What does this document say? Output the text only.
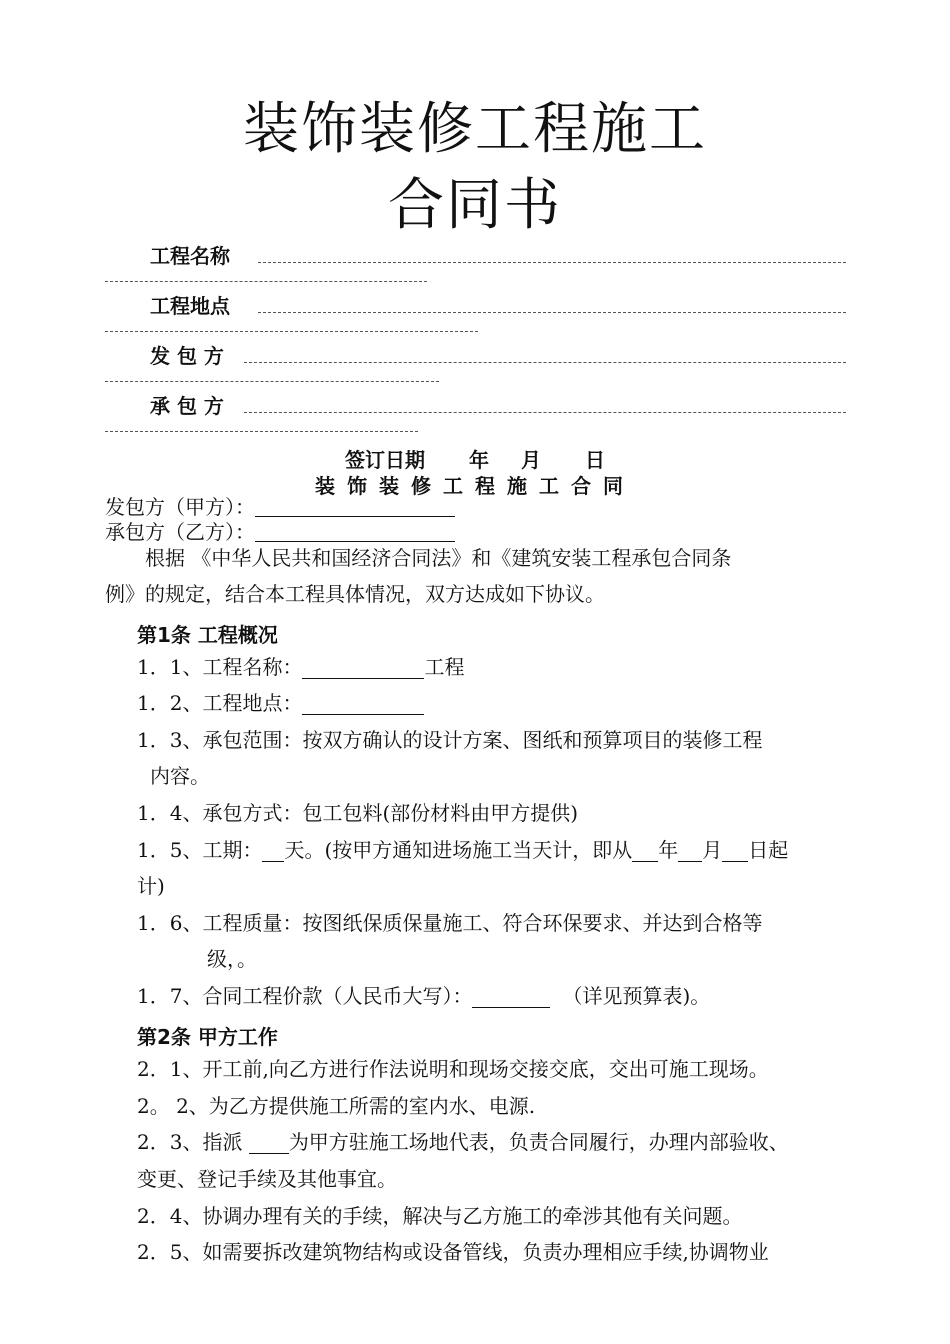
装饰装修工程施工
合同书
工程名称
工程地点
发 包 方
承 包 方
签订日期 年 月 日
装饰装修工程施工合同
发包方（甲方）：
承包方（乙方）：
根据 《中华人民共和国经济合同法》和《建筑安装工程承包合同条
例》的规定，结合本工程具体情况，双方达成如下协议。
第1条 工程概况
1．1、工程名称：	工程
1．2、工程地点：
1．3、承包范围：按双方确认的设计方案、图纸和预算项目的装修工程
内容。
1．4、承包方式：包工包料(部份材料由甲方提供)
1．5、工期： 天。(按甲方通知进场施工当天计，即从 年 月 日起
计)
1．6、工程质量：按图纸保质保量施工、符合环保要求、并达到合格等
级，。
1．7、合同工程价款（人民币大写）：	（详见预算表)。
第2条 甲方工作
2．1、开工前,向乙方进行作法说明和现场交接交底，交出可施工现场。
2。 2、为乙方提供施工所需的室内水、电源.
2．3、指派 为甲方驻施工场地代表，负责合同履行，办理内部验收、
变更、登记手续及其他事宜。
2．4、协调办理有关的手续，解决与乙方施工的牵涉其他有关问题。
2．5、如需要拆改建筑物结构或设备管线，负责办理相应手续,协调物业
